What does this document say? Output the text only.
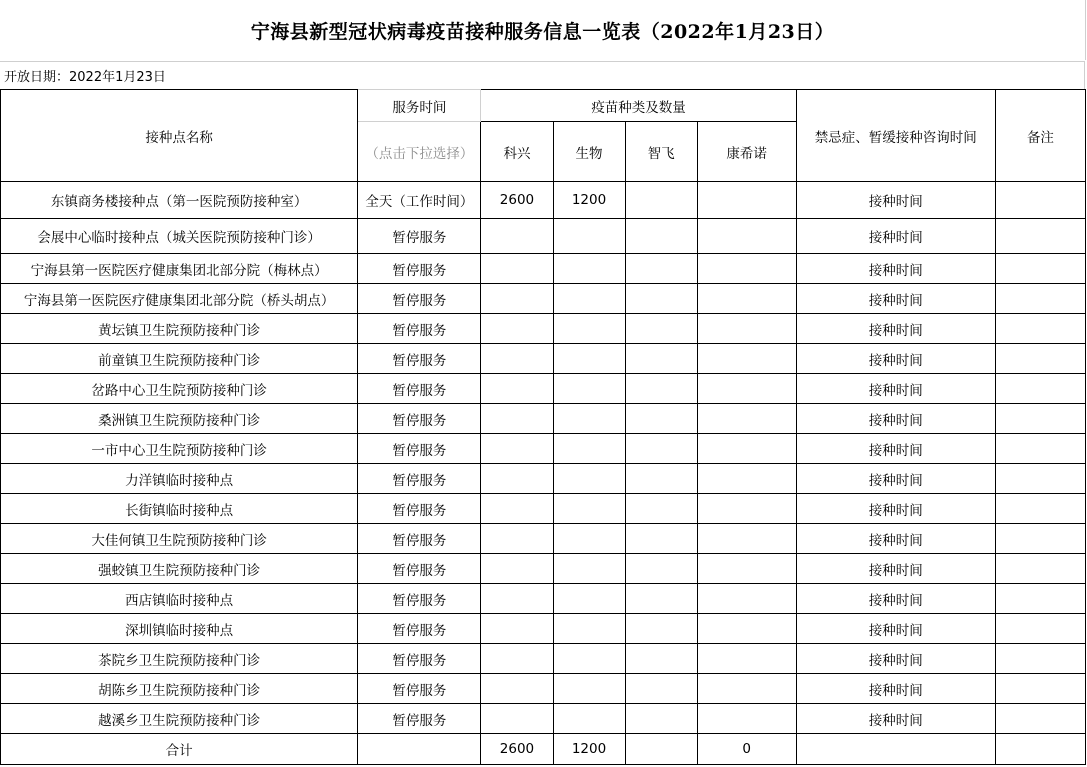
宁海县新型冠状病毒疫苗接种服务信息一览表（2022年1月23日）
开放日期：2022年1月23日
接种点名称	服务时间	疫苗种类及数量				禁忌症、暂缓接种咨询时间	备注
	（点击下拉选择）	科兴	生物	智飞	康希诺		
东镇商务楼接种点（第一医院预防接种室）	全天（工作时间）	2600	1200			接种时间	
会展中心临时接种点（城关医院预防接种门诊）	暂停服务					接种时间	
宁海县第一医院医疗健康集团北部分院（梅林点）	暂停服务					接种时间	
宁海县第一医院医疗健康集团北部分院（桥头胡点）	暂停服务					接种时间	
黄坛镇卫生院预防接种门诊	暂停服务					接种时间	
前童镇卫生院预防接种门诊	暂停服务					接种时间	
岔路中心卫生院预防接种门诊	暂停服务					接种时间	
桑洲镇卫生院预防接种门诊	暂停服务					接种时间	
一市中心卫生院预防接种门诊	暂停服务					接种时间	
力洋镇临时接种点	暂停服务					接种时间	
长街镇临时接种点	暂停服务					接种时间	
大佳何镇卫生院预防接种门诊	暂停服务					接种时间	
强蛟镇卫生院预防接种门诊	暂停服务					接种时间	
西店镇临时接种点	暂停服务					接种时间	
深圳镇临时接种点	暂停服务					接种时间	
茶院乡卫生院预防接种门诊	暂停服务					接种时间	
胡陈乡卫生院预防接种门诊	暂停服务					接种时间	
越溪乡卫生院预防接种门诊	暂停服务					接种时间	
合计		2600	1200		0		
